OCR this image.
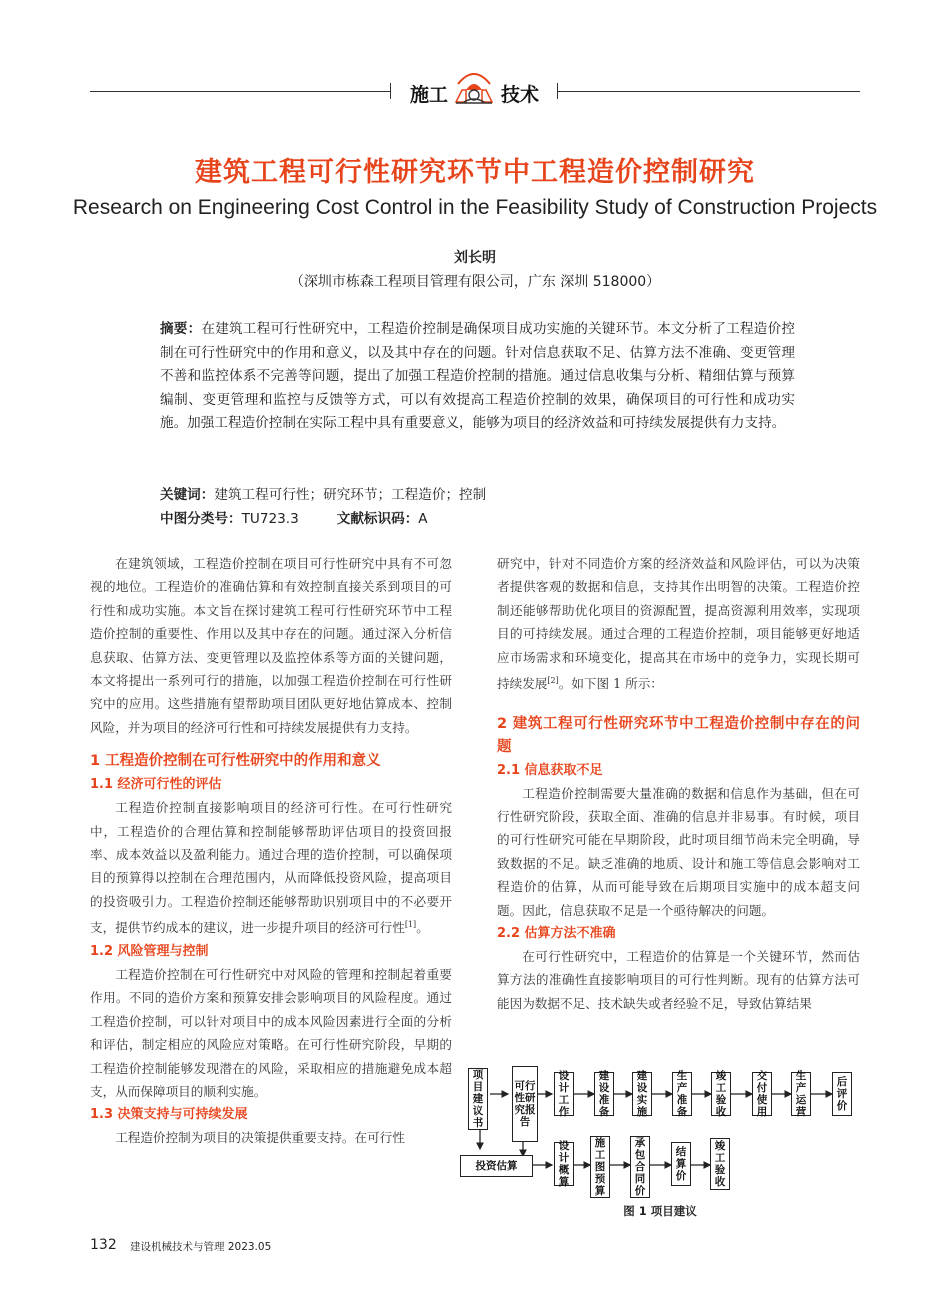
施工	技术
建筑工程可行性研究环节中工程造价控制研究
Research on Engineering Cost Control in the Feasibility Study of Construction Projects
刘长明
（深圳市栋森工程项目管理有限公司，广东 深圳 518000）
摘要：在建筑工程可行性研究中，工程造价控制是确保项目成功实施的关键环节。本文分析了工程造价控制在可行性研究中的作用和意义，以及其中存在的问题。针对信息获取不足、估算方法不准确、变更管理不善和监控体系不完善等问题，提出了加强工程造价控制的措施。通过信息收集与分析、精细估算与预算编制、变更管理和监控与反馈等方式，可以有效提高工程造价控制的效果，确保项目的可行性和成功实施。加强工程造价控制在实际工程中具有重要意义，能够为项目的经济效益和可持续发展提供有力支持。
关键词：建筑工程可行性；研究环节；工程造价；控制
中图分类号：TU723.3	文献标识码：A

在建筑领域，工程造价控制在项目可行性研究中具有不可忽视的地位。工程造价的准确估算和有效控制直接关系到项目的可行性和成功实施。本文旨在探讨建筑工程可行性研究环节中工程造价控制的重要性、作用以及其中存在的问题。通过深入分析信息获取、估算方法、变更管理以及监控体系等方面的关键问题，本文将提出一系列可行的措施，以加强工程造价控制在可行性研究中的应用。这些措施有望帮助项目团队更好地估算成本、控制风险，并为项目的经济可行性和可持续发展提供有力支持。

1 工程造价控制在可行性研究中的作用和意义
1.1 经济可行性的评估

工程造价控制直接影响项目的经济可行性。在可行性研究中，工程造价的合理估算和控制能够帮助评估项目的投资回报率、成本效益以及盈利能力。通过合理的造价控制，可以确保项目的预算得以控制在合理范围内，从而降低投资风险，提高项目的投资吸引力。工程造价控制还能够帮助识别项目中的不必要开支，提供节约成本的建议，进一步提升项目的经济可行性[1]。

1.2 风险管理与控制

工程造价控制在可行性研究中对风险的管理和控制起着重要作用。不同的造价方案和预算安排会影响项目的风险程度。通过工程造价控制，可以针对项目中的成本风险因素进行全面的分析和评估，制定相应的风险应对策略。在可行性研究阶段，早期的工程造价控制能够发现潜在的风险，采取相应的措施避免成本超支，从而保障项目的顺利实施。

1.3 决策支持与可持续发展

工程造价控制为项目的决策提供重要支持。在可行性

研究中，针对不同造价方案的经济效益和风险评估，可以为决策者提供客观的数据和信息，支持其作出明智的决策。工程造价控制还能够帮助优化项目的资源配置，提高资源利用效率，实现项目的可持续发展。通过合理的工程造价控制，项目能够更好地适应市场需求和环境变化，提高其在市场中的竞争力，实现长期可持续发展[2]。如下图 1 所示：

2 建筑工程可行性研究环节中工程造价控制中存在的问题
2.1 信息获取不足

工程造价控制需要大量准确的数据和信息作为基础，但在可行性研究阶段，获取全面、准确的信息并非易事。有时候，项目的可行性研究可能在早期阶段，此时项目细节尚未完全明确，导致数据的不足。缺乏准确的地质、设计和施工等信息会影响对工程造价的估算，从而可能导致在后期项目实施中的成本超支问题。因此，信息获取不足是一个亟待解决的问题。

2.2 估算方法不准确

在可行性研究中，工程造价的估算是一个关键环节，然而估算方法的准确性直接影响项目的可行性判断。现有的估算方法可能因为数据不足、技术缺失或者经验不足，导致估算结果

项目建议书
可行性研究报告
设计工作
建设准备
建设实施
生产准备
竣工验收
交付使用
生产运营
后评价
投资估算
设计概算
施工图预算
承包合同价
结算价
竣工验收
图 1 项目建议
132 建设机械技术与管理 2023.05
